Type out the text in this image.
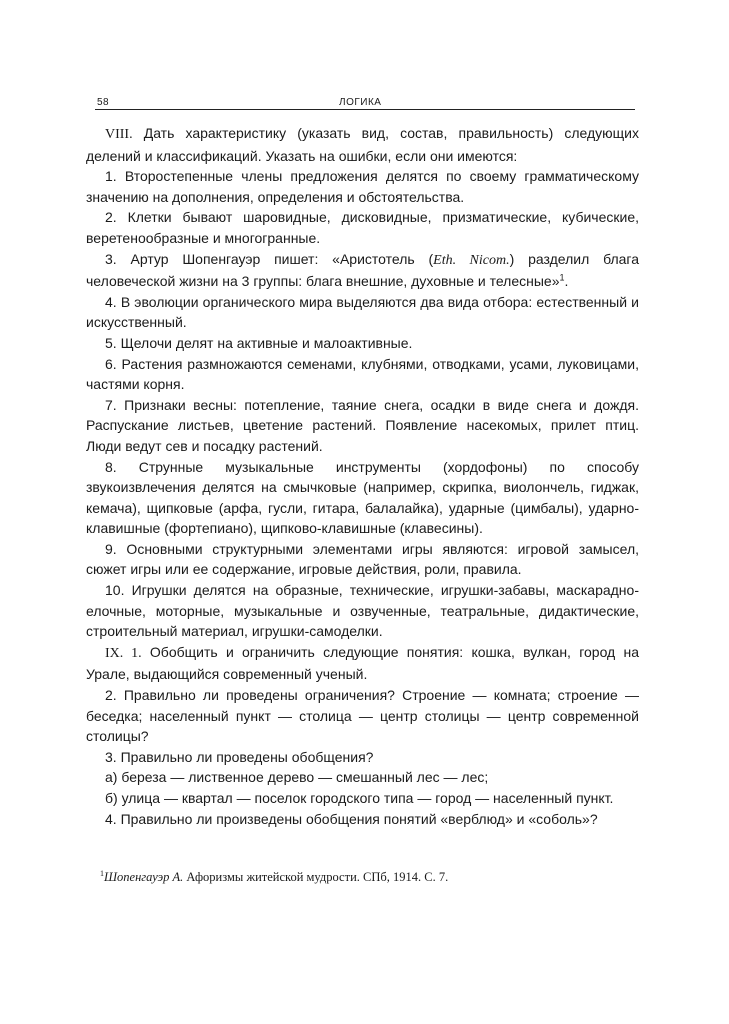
58	ЛОГИКА

VIII. Дать характеристику (указать вид, состав, правильность) следующих делений и классификаций. Указать на ошибки, если они имеются:

1. Второстепенные члены предложения делятся по своему грамматическому значению на дополнения, определения и обстоятельства.

2. Клетки бывают шаровидные, дисковидные, призматические, кубические, веретенообразные и многогранные.

3. Артур Шопенгауэр пишет: «Аристотель (Eth. Nicom.) разделил блага человеческой жизни на 3 группы: блага внешние, духовные и телесные»$^1$.

4. В эволюции органического мира выделяются два вида отбора: естественный и искусственный.

5. Щелочи делят на активные и малоактивные.

6. Растения размножаются семенами, клубнями, отводками, усами, луковицами, частями корня.

7. Признаки весны: потепление, таяние снега, осадки в виде снега и дождя. Распускание листьев, цветение растений. Появление насекомых, прилет птиц. Люди ведут сев и посадку растений.

8. Струнные музыкальные инструменты (хордофоны) по способу звукоизвлечения делятся на смычковые (например, скрипка, виолончель, гиджак, кемача), щипковые (арфа, гусли, гитара, балалайка), ударные (цимбалы), ударно-клавишные (фортепиано), щипково-клавишные (клавесины).

9. Основными структурными элементами игры являются: игровой замысел, сюжет игры или ее содержание, игровые действия, роли, правила.

10. Игрушки делятся на образные, технические, игрушки-забавы, маскарадно-елочные, моторные, музыкальные и озвученные, театральные, дидактические, строительный материал, игрушки-самоделки.

IX. 1. Обобщить и ограничить следующие понятия: кошка, вулкан, город на Урале, выдающийся современный ученый.

2. Правильно ли проведены ограничения? Строение — комната; строение — беседка; населенный пункт — столица — центр столицы — центр современной столицы?

3. Правильно ли проведены обобщения?

а) береза — лиственное дерево — смешанный лес — лес;

б) улица — квартал — поселок городского типа — город — населенный пункт.

4. Правильно ли произведены обобщения понятий «верблюд» и «соболь»?

$^1$Шопенгауэр А. Афоризмы житейской мудрости. СПб, 1914. С. 7.
